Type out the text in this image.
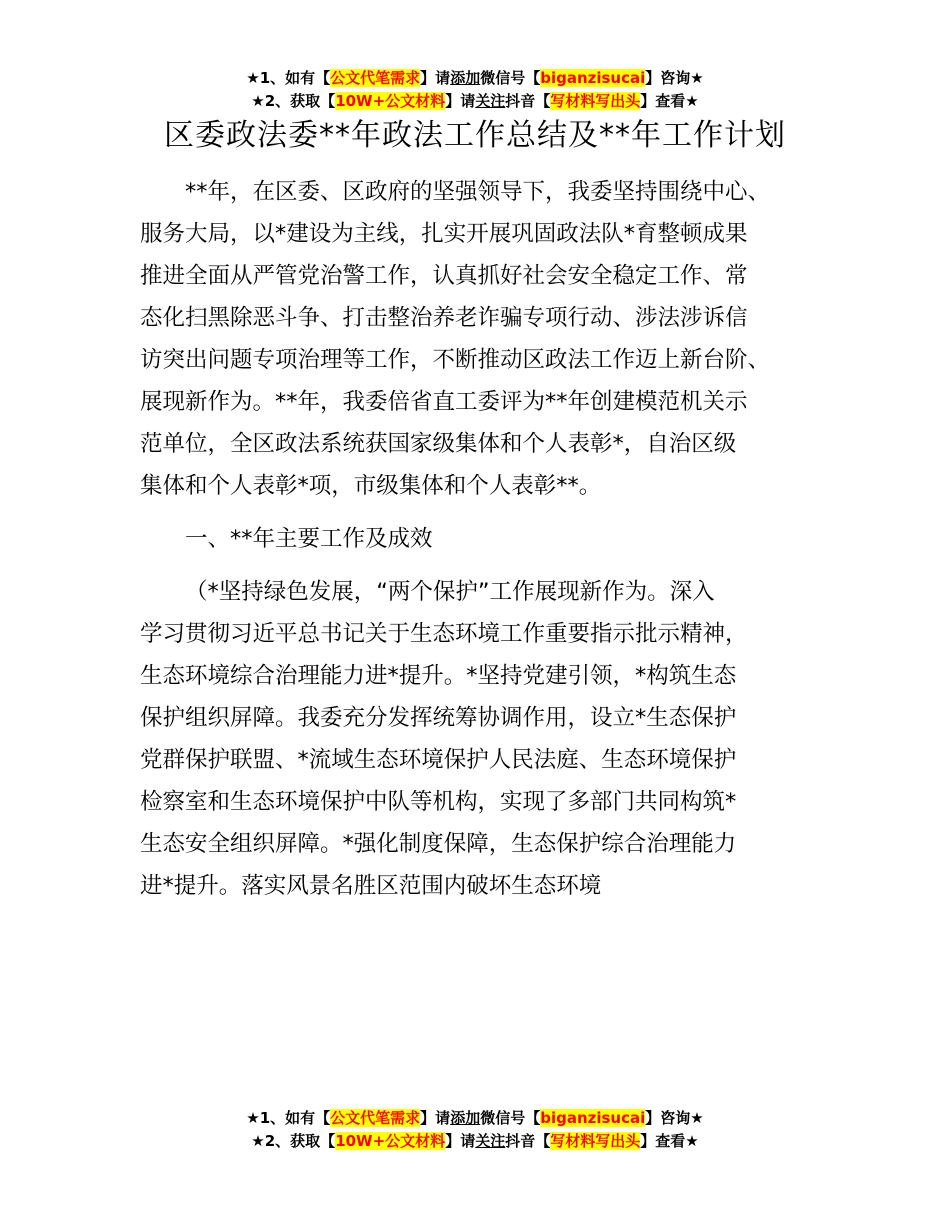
★1、如有【公文代笔需求】请添加微信号【biganzisucai】咨询★
★2、获取【10W+公文材料】请关注抖音【写材料写出头】查看★
区委政法委**年政法工作总结及**年工作计划

**年，在区委、区政府的坚强领导下，我委坚持围绕中心、
服务大局，以*建设为主线，扎实开展巩固政法队*育整顿成果
推进全面从严管党治警工作，认真抓好社会安全稳定工作、常
态化扫黑除恶斗争、打击整治养老诈骗专项行动、涉法涉诉信
访突出问题专项治理等工作，不断推动区政法工作迈上新台阶、
展现新作为。**年，我委倍省直工委评为**年创建模范机关示
范单位，全区政法系统获国家级集体和个人表彰*，自治区级
集体和个人表彰*项，市级集体和个人表彰**。

一、**年主要工作及成效

（*坚持绿色发展，“两个保护”工作展现新作为。深入
学习贯彻习近平总书记关于生态环境工作重要指示批示精神，
生态环境综合治理能力进*提升。*坚持党建引领，*构筑生态
保护组织屏障。我委充分发挥统筹协调作用，设立*生态保护
党群保护联盟、*流域生态环境保护人民法庭、生态环境保护
检察室和生态环境保护中队等机构，实现了多部门共同构筑*
生态安全组织屏障。*强化制度保障，生态保护综合治理能力
进*提升。落实风景名胜区范围内破坏生态环境

★1、如有【公文代笔需求】请添加微信号【biganzisucai】咨询★
★2、获取【10W+公文材料】请关注抖音【写材料写出头】查看★
